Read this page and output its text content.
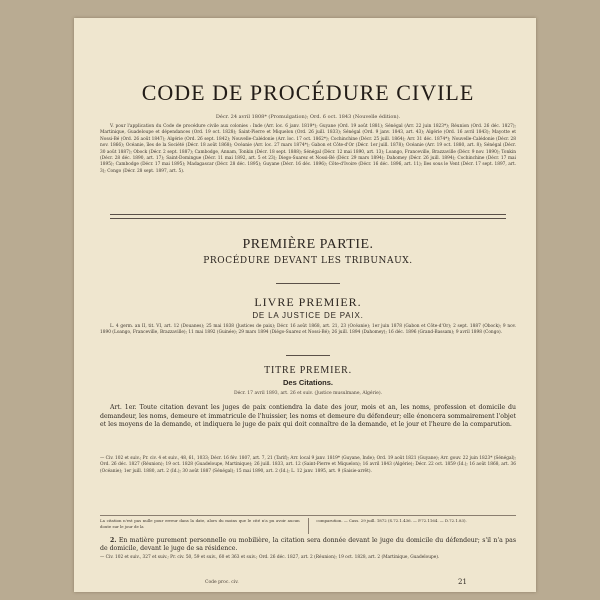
CODE DE PROCÉDURE CIVILE
Décr. 24 avril 1808* (Promulgation); Ord. 6 oct. 1843 (Nouvelle édition).
V. pour l'application du Code de procédure civile aux colonies : Inde (Arr. loc. 6 janv. 1819*); Guyane (Ord. 19 août 1881); Sénégal (Arr. 22 juin 1823*); Réunion (Ord. 26 déc. 1827); Martinique, Guadeloupe et dépendances (Ord. 19 oct. 1828); Saint-Pierre et Miquelon (Ord. 26 juill. 1833); Sénégal (Ord. 9 janv. 1843, art. 43); Algérie (Ord. 16 avril 1843); Mayotte et Nossi-Bé (Ord. 26 août 1847); Algérie (Ord. 26 sept. 1842); Nouvelle-Calédonie (Arr. loc. 17 oct. 1862*); Cochinchine (Décr. 25 juill. 1864); Arr. 31 déc. 1874*); Nouvelle-Calédonie (Décr. 28 nov. 1866); Océanie, îles de la Société (Décr. 18 août 1868); Océanie (Arr. loc. 27 mars 1874*); Gabon et Côte-d'Or (Décr. 1er juill. 1878); Océanie (Arr. 19 oct. 1880, art. 8); Sénégal (Décr. 30 août 1887); Obock (Décr. 2 sept. 1887); Cambodge, Annam, Tonkin (Décr. 18 sept. 1888); Sénégal (Décr. 12 mai 1890, art. 13); Loango, Franceville, Brazzaville (Décr. 9 nov. 1890); Tonkin (Décr. 28 déc. 1890, art. 17); Saint-Domingue (Décr. 11 mai 1892, art. 5 et 23); Diego-Suarez et Nossi-Bé (Décr. 29 mars 1894); Dahomey (Décr. 26 juill. 1894); Cochinchine (Décr. 17 mai 1895); Cambodge (Décr. 17 mai 1895); Madagascar (Décr. 28 déc. 1895); Guyane (Décr. 16 déc. 1896); Côte-d'Ivoire (Décr. 16 déc. 1896, art. 11); Iles sous le Vent (Décr. 17 sept. 1897, art. 3); Congo (Décr. 28 sept. 1897, art. 5).
PREMIÈRE PARTIE.
PROCÉDURE DEVANT LES TRIBUNAUX.
LIVRE PREMIER.
DE LA JUSTICE DE PAIX.
L. 4 germ. an II, tit. VI, art. 12 (Douanes); 25 mai 1838 (Justices de paix); Décr. 16 août 1868, art. 21, 23 (Océanie); 1er juin 1878 (Gabon et Côte-d'Or); 2 sept. 1887 (Obock); 9 nov. 1890 (Loango, Franceville, Brazzaville); 11 mai 1892 (Guinée); 29 mars 1894 (Diégo-Suarez et Nossi-Bé); 26 juill. 1894 (Dahomey); 16 déc. 1896 (Grand-Bassam); 9 avril 1898 (Congo).
TITRE PREMIER.
Des Citations.
Décr. 17 avril 1893, art. 26 et suiv. (Justice musulmane, Algérie).
Art. 1er. Toute citation devant les juges de paix contiendra la date des jour, mois et an, les noms, profession et domicile du demandeur, les noms, demeure et immatricule de l'huissier, les noms et demeure du défendeur; elle énoncera sommairement l'objet et les moyens de la demande, et indiquera le juge de paix qui doit connaître de la demande, et le jour et l'heure de la comparution.
— Civ. 102 et suiv.; Pr. civ. 4 et suiv., 48, 61, 1033; Décr. 16 fév. 1807, art. 7, 21 (Tarif); Arr. local 9 janv. 1819* (Guyane, Inde); Ord. 19 août 1821 (Guyane); Arr. gouv. 22 juin 1823* (Sénégal); Ord. 26 déc. 1827 (Réunion); 19 oct. 1828 (Guadeloupe, Martinique); 26 juill. 1833, art. 12 (Saint-Pierre et Miquelon); 16 avril 1843 (Algérie); Décr. 22 oct. 1859 (Id.); 16 août 1868, art. 36 (Océanie); 1er juill. 1880, art. 2 (Id.); 30 août 1887 (Sénégal); 15 mai 1890, art. 2 (Id.); L. 12 janv. 1895, art. 9 (Saisie-arrêt).
La citation n'est pas nulle pour erreur dans la date, alors du moins que le cité n'a pu avoir aucun doute sur le jour de la
comparution. — Cass. 29 juill. 1872 (S.72.1.436. — P.72.1164. — D.72.1.83).
2. En matière purement personnelle ou mobilière, la citation sera donnée devant le juge du domicile du défendeur; s'il n'a pas de domicile, devant le juge de sa résidence.
— Civ. 102 et suiv., 327 et suiv.; Pr. civ. 50, 59 et suiv., 60 et 363 et suiv.; Ord. 26 déc. 1827, art. 2 (Réunion); 19 oct. 1828, art. 2 (Martinique, Guadeloupe).
Code proc. civ.	21
